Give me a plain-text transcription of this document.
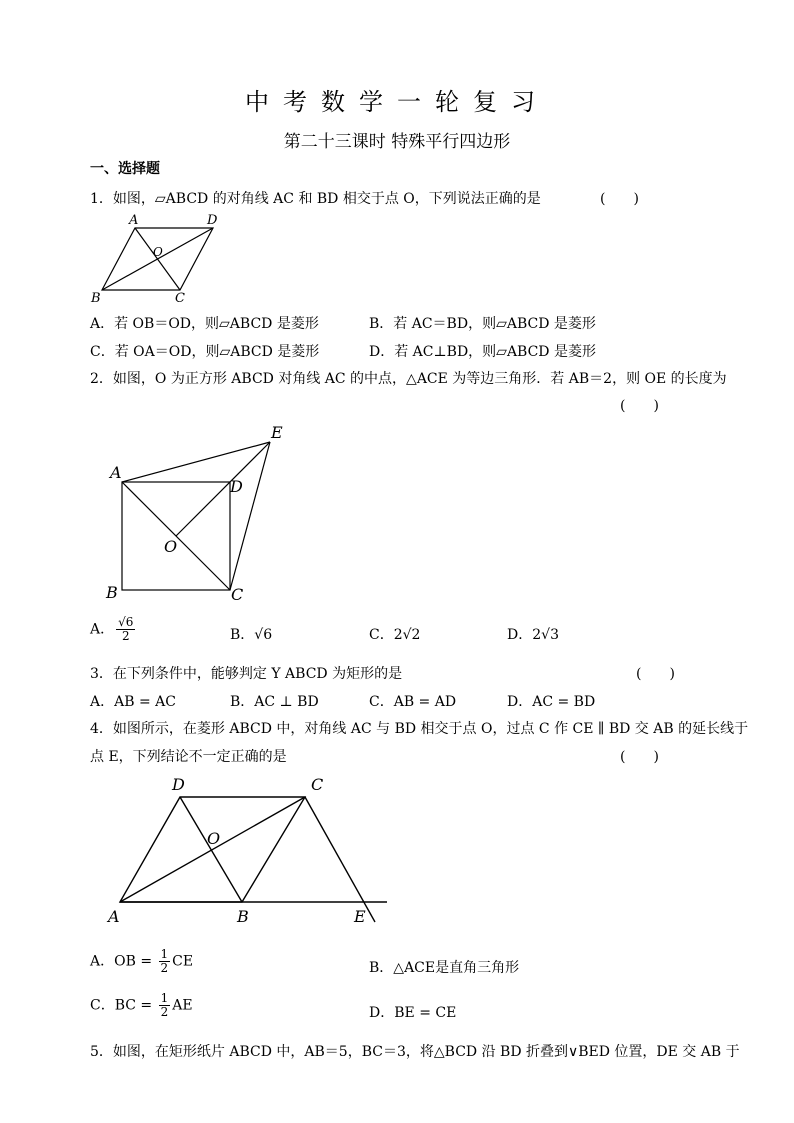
中考数学一轮复习
第二十三课时 特殊平行四边形
一、选择题
1．如图，▱ABCD 的对角线 AC 和 BD 相交于点 O，下列说法正确的是	(　　)
A	D
O
B	C
A．若 OB＝OD，则▱ABCD 是菱形	B．若 AC＝BD，则▱ABCD 是菱形
C．若 OA＝OD，则▱ABCD 是菱形	D．若 AC⊥BD，则▱ABCD 是菱形
2．如图，O 为正方形 ABCD 对角线 AC 的中点，△ACE 为等边三角形．若 AB＝2，则 OE 的长度为
(　　)
E
A
D
O
B	C
A． $\frac{√6}{2}$	B．√6	C．2√2	D．2√3
3．在下列条件中，能够判定 Y ABCD 为矩形的是	(　　)
A．AB = AC	B．AC ⊥ BD	C．AB = AD	D．AC = BD
4．如图所示，在菱形 ABCD 中，对角线 AC 与 BD 相交于点 O，过点 C 作 CE ∥ BD 交 AB 的延长线于
点 E，下列结论不一定正确的是	(　　)
D	C
O
A	B	E
A．OB = $\frac{1}{2}$ CE	B．△ACE是直角三角形
C．BC = $\frac{1}{2}$ AE	D．BE = CE
5．如图，在矩形纸片 ABCD 中，AB＝5，BC＝3，将△BCD 沿 BD 折叠到∨BED 位置，DE 交 AB 于
